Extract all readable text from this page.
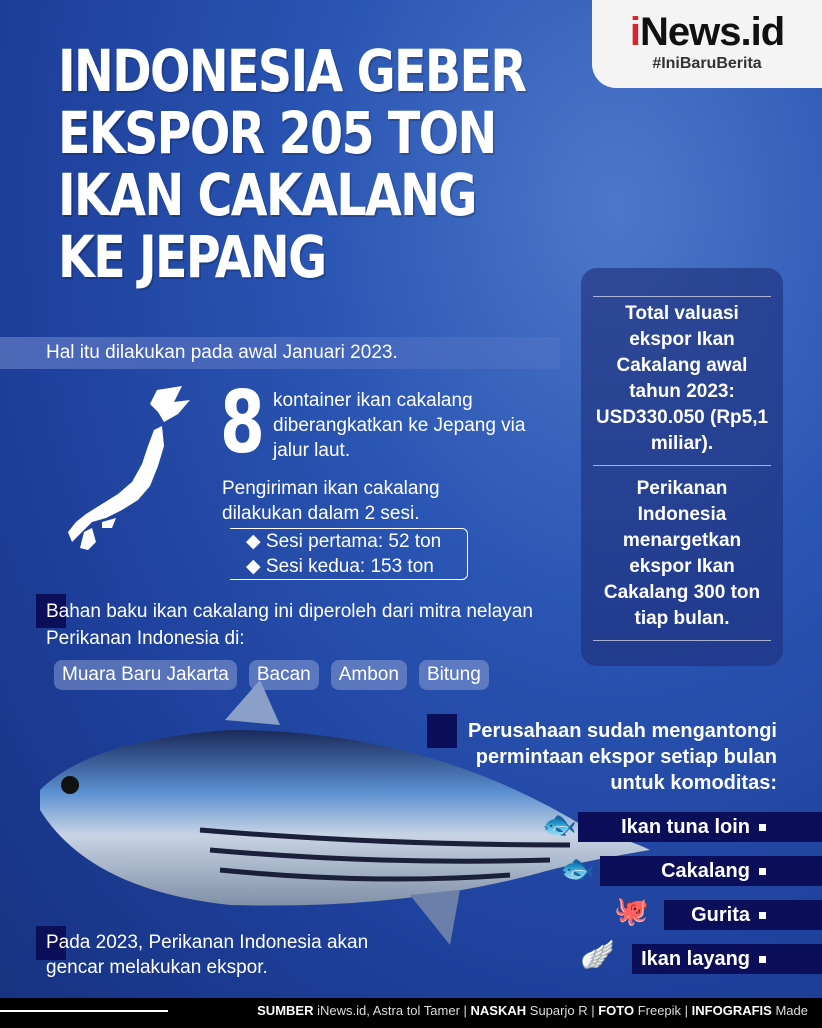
iNews.id
#IniBaruBerita
INDONESIA GEBER
EKSPOR 205 TON
IKAN CAKALANG
KE JEPANG
Hal itu dilakukan pada awal Januari 2023.
8 kontainer ikan cakalang diberangkatkan ke Jepang via jalur laut.
Pengiriman ikan cakalang dilakukan dalam 2 sesi.
◆ Sesi pertama: 52 ton
◆ Sesi kedua: 153 ton
Bahan baku ikan cakalang ini diperoleh dari mitra nelayan Perikanan Indonesia di:
Muara Baru Jakarta	Bacan	Ambon	Bitung
Total valuasi ekspor Ikan Cakalang awal tahun 2023: USD330.050 (Rp5,1 miliar).
Perikanan Indonesia menargetkan ekspor Ikan Cakalang 300 ton tiap bulan.
Perusahaan sudah mengantongi permintaan ekspor setiap bulan untuk komoditas:
🐟 Ikan tuna loin
🐟	Cakalang
🐙 Gurita
🪽 Ikan layang
Pada 2023, Perikanan Indonesia akan gencar melakukan ekspor.
SUMBER iNews.id, Astra tol Tamer | NASKAH Suparjo R | FOTO Freepik | INFOGRAFIS Made
